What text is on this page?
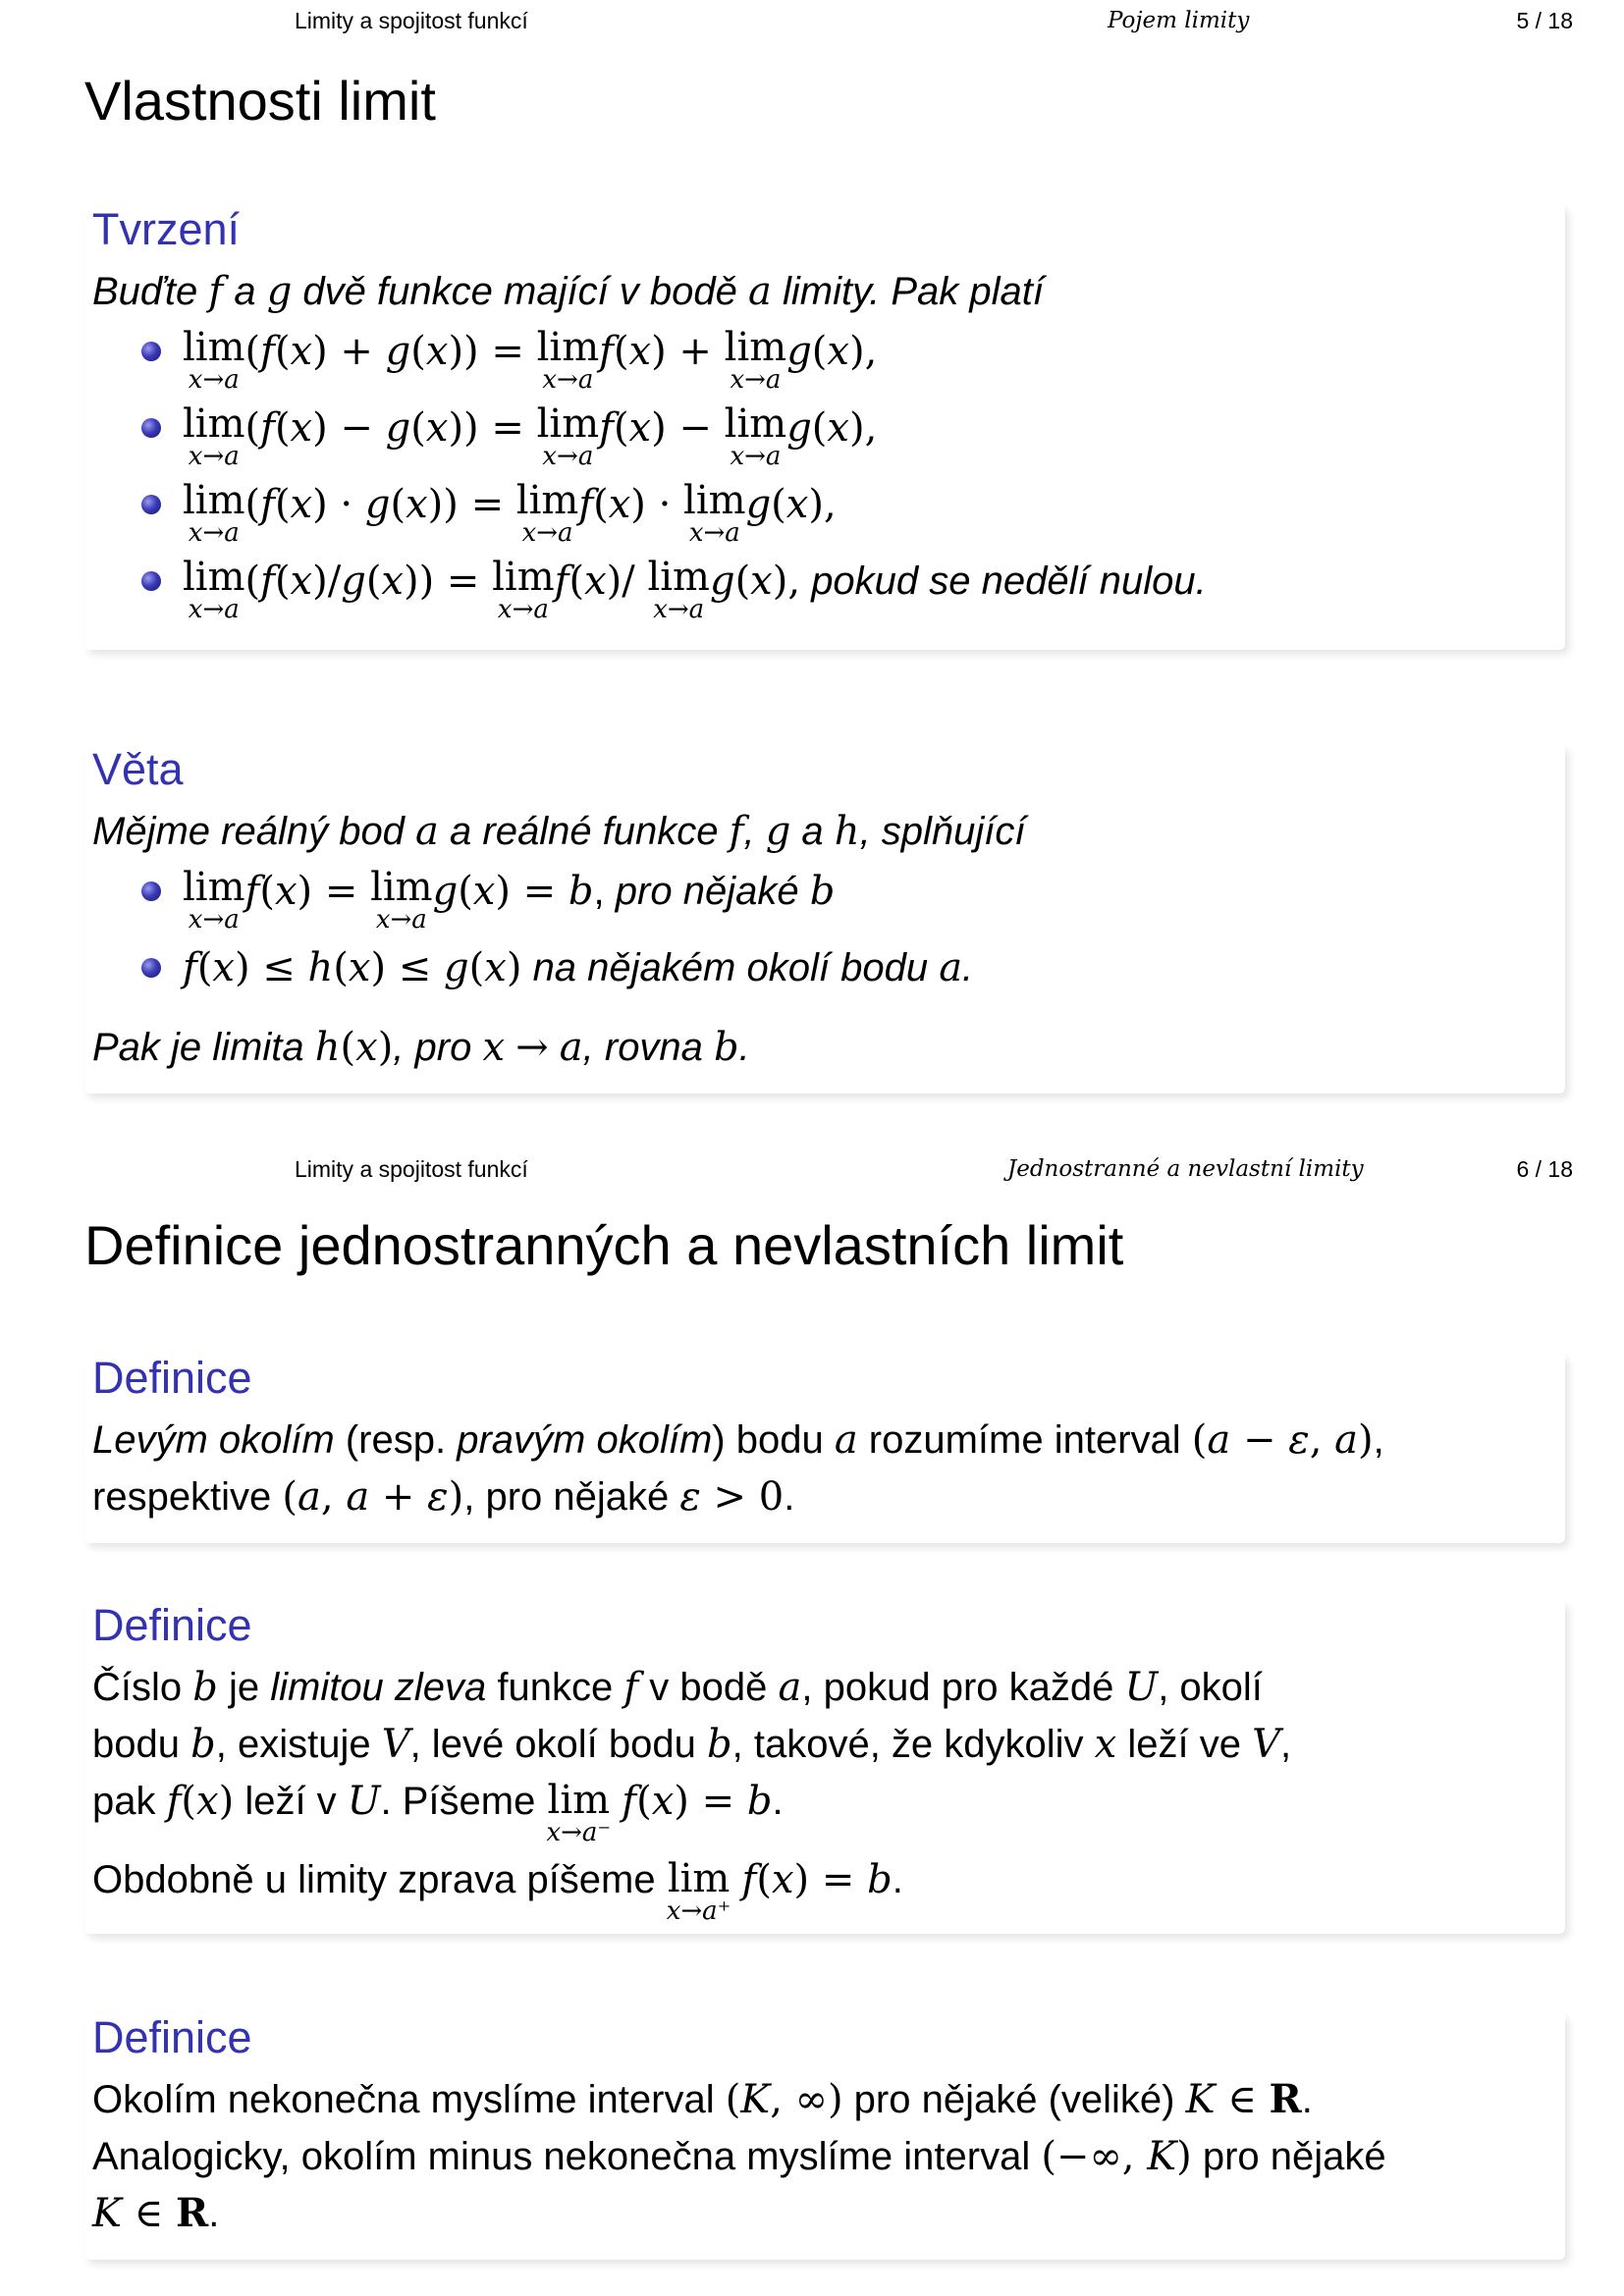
Limity a spojitost funkcí	Pojem limity	5 / 18
Vlastnosti limit
Tvrzení
Buďte f a g dvě funkce mající v bodě a limity. Pak platí
lim
x→a
(f(x) + g(x)) = lim
x→a
f(x) + lim
x→a
g(x),
lim
x→a
(f(x) − g(x)) = lim
x→a
f(x) − lim
x→a
g(x),
lim
x→a
(f(x) · g(x)) = lim
x→a
f(x) · lim
x→a
g(x),
lim
x→a
(f(x)/g(x)) = lim
x→a
f(x)/ lim
x→a
g(x), pokud se nedělí nulou.
Věta
Mějme reálný bod a a reálné funkce f, g a h, splňující
lim
x→a
f(x) = lim
x→a
g(x) = b, pro nějaké b
f(x) ≤ h(x) ≤ g(x) na nějakém okolí bodu a.
Pak je limita h(x), pro x → a, rovna b.
Limity a spojitost funkcí	Jednostranné a nevlastní limity	6 / 18
Definice jednostranných a nevlastních limit
Definice
Levým okolím (resp. pravým okolím) bodu a rozumíme interval (a − ε, a),
respektive (a, a + ε), pro nějaké ε > 0.
Definice
Číslo b je limitou zleva funkce f v bodě a, pokud pro každé U, okolí
bodu b, existuje V, levé okolí bodu b, takové, že kdykoliv x leží ve V,
pak f(x) leží v U. Píšeme lim
x→a⁻
f(x) = b.

Obdobně u limity zprava píšeme lim
x→a⁺
f(x) = b.
Definice
Okolím nekonečna myslíme interval (K, ∞) pro nějaké (veliké) K ∈ R.
Analogicky, okolím minus nekonečna myslíme interval (−∞, K) pro nějaké
K ∈ R.
